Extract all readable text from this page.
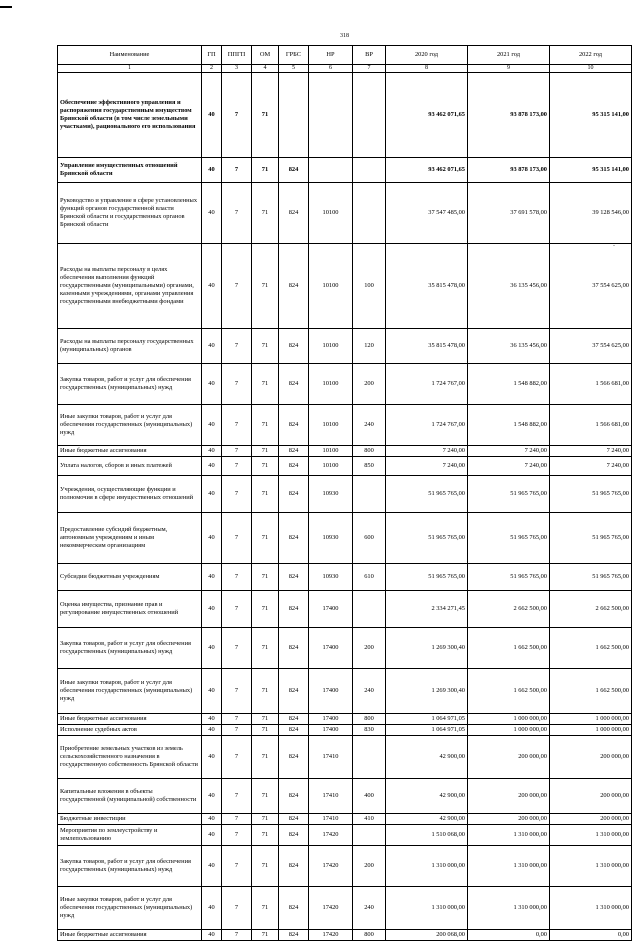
318
.
Наименование	ГП	ППГП	ОМ	ГРБС	НР	ВР	2020 год	2021 год	2022 год
1	2	3	4	5	6	7	8	9	10
Обеспечение эффективного управления и распоряжения государственным имуществом Брянской области (в том числе земельными участками), рационального его использования	40	7	71				93 462 071,65	93 878 173,00	95 315 141,00
Управление имущественных отношений Брянской области	40	7	71	824			93 462 071,65	93 878 173,00	95 315 141,00
Руководство и управление в сфере установленных функций органов государственной власти Брянской области и государственных органов Брянской области	40	7	71	824	10100		37 547 485,00	37 691 578,00	39 128 546,00
Расходы на выплаты персоналу в целях обеспечения выполнения функций государственными (муниципальными) органами, казенными учреждениями, органами управления государственными внебюджетными фондами	40	7	71	824	10100	100	35 815 478,00	36 135 456,00	37 554 625,00
Расходы на выплаты персоналу государственных (муниципальных) органов	40	7	71	824	10100	120	35 815 478,00	36 135 456,00	37 554 625,00
Закупка товаров, работ и услуг для обеспечения государственных (муниципальных) нужд	40	7	71	824	10100	200	1 724 767,00	1 548 882,00	1 566 681,00
Иные закупки товаров, работ и услуг для обеспечения государственных (муниципальных) нужд	40	7	71	824	10100	240	1 724 767,00	1 548 882,00	1 566 681,00
Иные бюджетные ассигнования	40	7	71	824	10100	800	7 240,00	7 240,00	7 240,00
Уплата налогов, сборов и иных платежей	40	7	71	824	10100	850	7 240,00	7 240,00	7 240,00
Учреждения, осуществляющие функции и полномочия в сфере имущественных отношений	40	7	71	824	10930		51 965 765,00	51 965 765,00	51 965 765,00
Предоставление субсидий бюджетным, автономным учреждениям и иным некоммерческим организациям	40	7	71	824	10930	600	51 965 765,00	51 965 765,00	51 965 765,00
Субсидии бюджетным учреждениям	40	7	71	824	10930	610	51 965 765,00	51 965 765,00	51 965 765,00
Оценка имущества, признание прав и регулирование имущественных отношений	40	7	71	824	17400		2 334 271,45	2 662 500,00	2 662 500,00
Закупка товаров, работ и услуг для обеспечения государственных (муниципальных) нужд	40	7	71	824	17400	200	1 269 300,40	1 662 500,00	1 662 500,00
Иные закупки товаров, работ и услуг для обеспечения государственных (муниципальных) нужд	40	7	71	824	17400	240	1 269 300,40	1 662 500,00	1 662 500,00
Иные бюджетные ассигнования	40	7	71	824	17400	800	1 064 971,05	1 000 000,00	1 000 000,00
Исполнение судебных актов	40	7	71	824	17400	830	1 064 971,05	1 000 000,00	1 000 000,00
Приобретение земельных участков из земель сельскохозяйственного назначения в государственную собственность Брянской области	40	7	71	824	17410		42 900,00	200 000,00	200 000,00
Капитальные вложения в объекты государственной (муниципальной) собственности	40	7	71	824	17410	400	42 900,00	200 000,00	200 000,00
Бюджетные инвестиции	40	7	71	824	17410	410	42 900,00	200 000,00	200 000,00
Мероприятия по землеустройству и землепользованию	40	7	71	824	17420		1 510 068,00	1 310 000,00	1 310 000,00
Закупка товаров, работ и услуг для обеспечения государственных (муниципальных) нужд	40	7	71	824	17420	200	1 310 000,00	1 310 000,00	1 310 000,00
Иные закупки товаров, работ и услуг для обеспечения государственных (муниципальных) нужд	40	7	71	824	17420	240	1 310 000,00	1 310 000,00	1 310 000,00
Иные бюджетные ассигнования	40	7	71	824	17420	800	200 068,00	0,00	0,00
